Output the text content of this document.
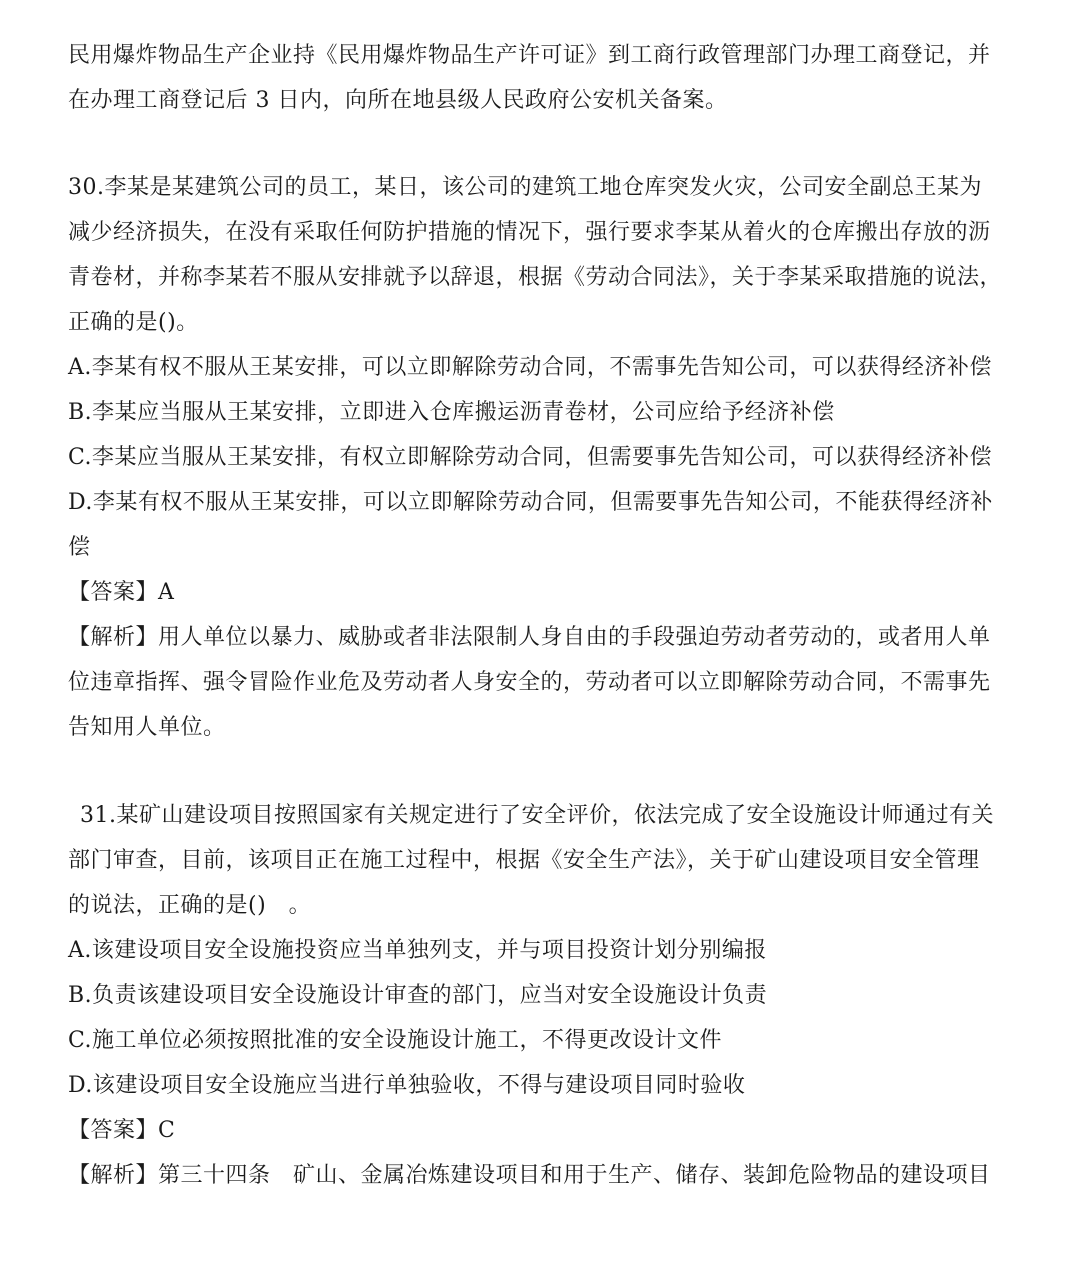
民用爆炸物品生产企业持《民用爆炸物品生产许可证》到工商行政管理部门办理工商登记，并
在办理工商登记后 3 日内，向所在地县级人民政府公安机关备案。
30.李某是某建筑公司的员工，某日，该公司的建筑工地仓库突发火灾，公司安全副总王某为
减少经济损失，在没有采取任何防护措施的情况下，强行要求李某从着火的仓库搬出存放的沥
青卷材，并称李某若不服从安排就予以辞退，根据《劳动合同法》，关于李某采取措施的说法，
正确的是()。
A.李某有权不服从王某安排，可以立即解除劳动合同，不需事先告知公司，可以获得经济补偿
B.李某应当服从王某安排，立即进入仓库搬运沥青卷材，公司应给予经济补偿
C.李某应当服从王某安排，有权立即解除劳动合同，但需要事先告知公司，可以获得经济补偿
D.李某有权不服从王某安排，可以立即解除劳动合同，但需要事先告知公司，不能获得经济补
偿
【答案】A
【解析】用人单位以暴力、威胁或者非法限制人身自由的手段强迫劳动者劳动的，或者用人单
位违章指挥、强令冒险作业危及劳动者人身安全的，劳动者可以立即解除劳动合同，不需事先
告知用人单位。
31.某矿山建设项目按照国家有关规定进行了安全评价，依法完成了安全设施设计师通过有关
部门审查，目前，该项目正在施工过程中，根据《安全生产法》，关于矿山建设项目安全管理
的说法，正确的是()　。
A.该建设项目安全设施投资应当单独列支，并与项目投资计划分别编报
B.负责该建设项目安全设施设计审查的部门，应当对安全设施设计负责
C.施工单位必须按照批准的安全设施设计施工，不得更改设计文件
D.该建设项目安全设施应当进行单独验收，不得与建设项目同时验收
【答案】C
【解析】第三十四条　矿山、金属冶炼建设项目和用于生产、储存、装卸危险物品的建设项目
